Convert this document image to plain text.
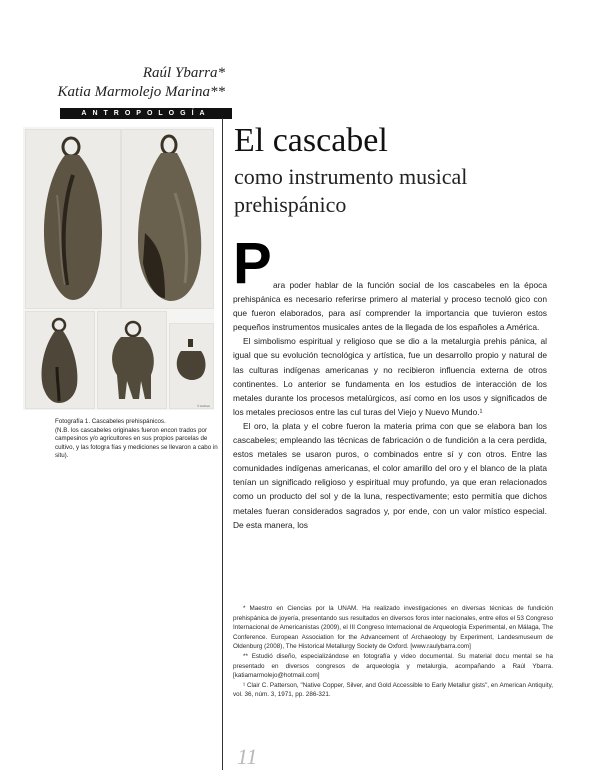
Raúl Ybarra*
Katia Marmolejo Marina**
ANTROPOLOGÍA
© Archivo
Fotografía 1. Cascabeles prehispánicos.
(N.B. los cascabeles originales fueron encon trados por campesinos y/o agricultores en sus propios parcelas de cultivo, y las fotogra fías y mediciones se llevaron a cabo in situ).
El cascabel
como instrumento musical prehispánico
P ara poder hablar de la función social de los cascabeles en la época prehispánica es necesario referirse primero al material y proceso tecnoló gico con que fueron elaborados, para así comprender la importancia que tuvieron estos pequeños instrumentos musicales antes de la llegada de los españoles a América.

El simbolismo espiritual y religioso que se dio a la metalurgia prehis pánica, al igual que su evolución tecnológica y artística, fue un desarrollo propio y natural de las culturas indígenas americanas y no recibieron influencia externa de otros continentes. Lo anterior se fundamenta en los estudios de interacción de los metales durante los procesos metalúrgicos, así como en los usos y significados de los metales preciosos entre las cul turas del Viejo y Nuevo Mundo.¹

El oro, la plata y el cobre fueron la materia prima con que se elabora ban los cascabeles; empleando las técnicas de fabricación o de fundición a la cera perdida, estos metales se usaron puros, o combinados entre sí y con otros. Entre las comunidades indígenas americanas, el color amarillo del oro y el blanco de la plata tenían un significado religioso y espiritual muy profundo, ya que eran relacionados como un producto del sol y de la luna, respectivamente; esto permitía que dichos metales fueran considerados sagrados y, por ende, con un valor místico especial. De esta manera, los

* Maestro en Ciencias por la UNAM. Ha realizado investigaciones en diversas técnicas de fundición prehispánica de joyería, presentando sus resultados en diversos foros inter nacionales, entre ellos el 53 Congreso Internacional de Americanistas (2009), el III Congreso Internacional de Arqueología Experimental, en Málaga, The Conference. European Association for the Advancement of Archaeology by Experiment, Landesmuseum de Oldenburg (2008), The Historical Metallurgy Society de Oxford. [www.raulybarra.com]

** Estudió diseño, especializándose en fotografía y video documental. Su material docu mental se ha presentado en diversos congresos de arqueología y metalurgia, acompañando a Raúl Ybarra. [katiamarmolejo@hotmail.com]

¹ Clair C. Patterson, "Native Copper, Silver, and Gold Accessible to Early Metallur gists", en American Antiquity, vol. 36, núm. 3, 1971, pp. 286-321.

11
